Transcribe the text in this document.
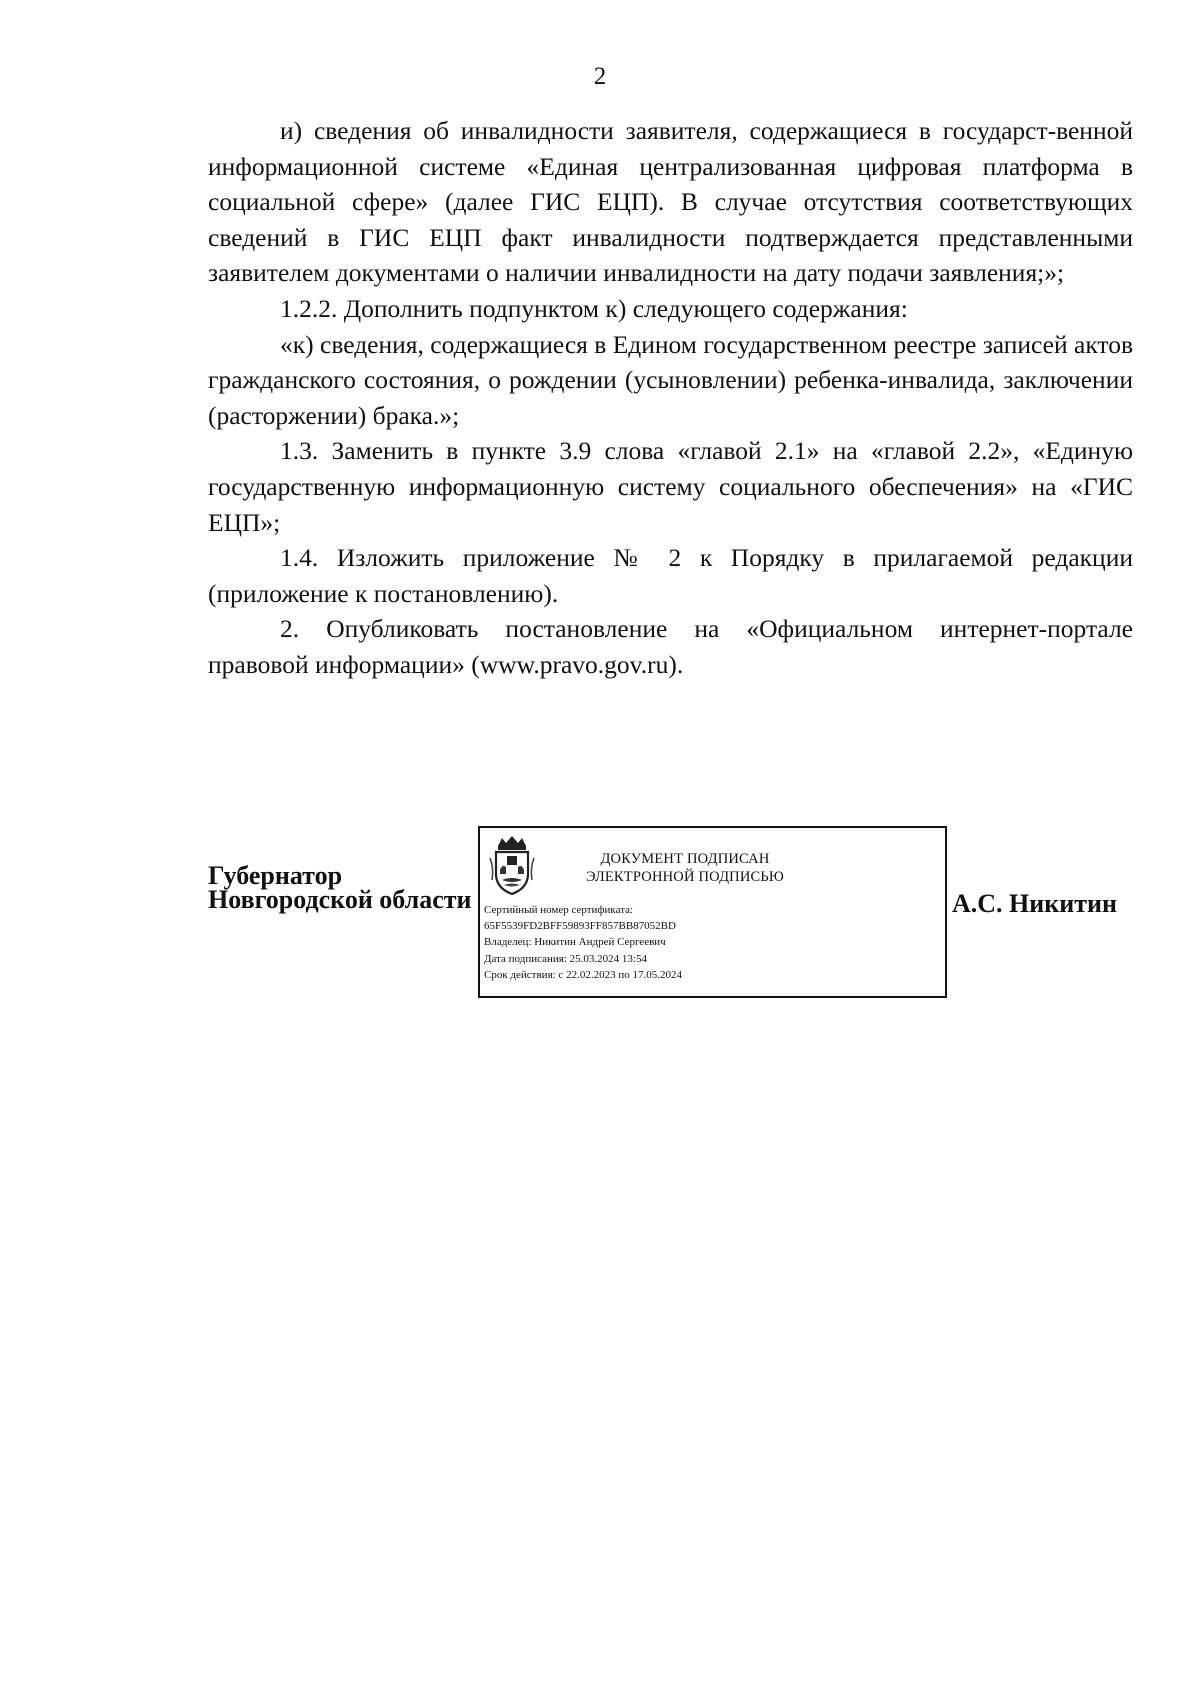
2

и) сведения об инвалидности заявителя, содержащиеся в государст-венной информационной системе «Единая централизованная цифровая платформа в социальной сфере» (далее ГИС ЕЦП). В случае отсутствия соответствующих сведений в ГИС ЕЦП факт инвалидности подтверждается представленными заявителем документами о наличии инвалидности на дату подачи заявления;»;

1.2.2. Дополнить подпунктом к) следующего содержания:

«к) сведения, содержащиеся в Едином государственном реестре записей актов гражданского состояния, о рождении (усыновлении) ребенка-инвалида, заключении (расторжении) брака.»;

1.3. Заменить в пункте 3.9 слова «главой 2.1» на «главой 2.2», «Единую государственную информационную систему социального обеспечения» на «ГИС ЕЦП»;

1.4. Изложить приложение № 2 к Порядку в прилагаемой редакции (приложение к постановлению).

2. Опубликовать постановление на «Официальном интернет-портале правовой информации» (www.pravo.gov.ru).

Губернатор
Новгородской области
ДОКУМЕНТ ПОДПИСАН
ЭЛЕКТРОННОЙ ПОДПИСЬЮ
Сертийный номер сертификата:
65F5539FD2BFF59893FF857BB87052BD
Владелец: Никитин Андрей Сергеевич
Дата подписания: 25.03.2024 13:54
Срок действия: с 22.02.2023 по 17.05.2024
А.С. Никитин
